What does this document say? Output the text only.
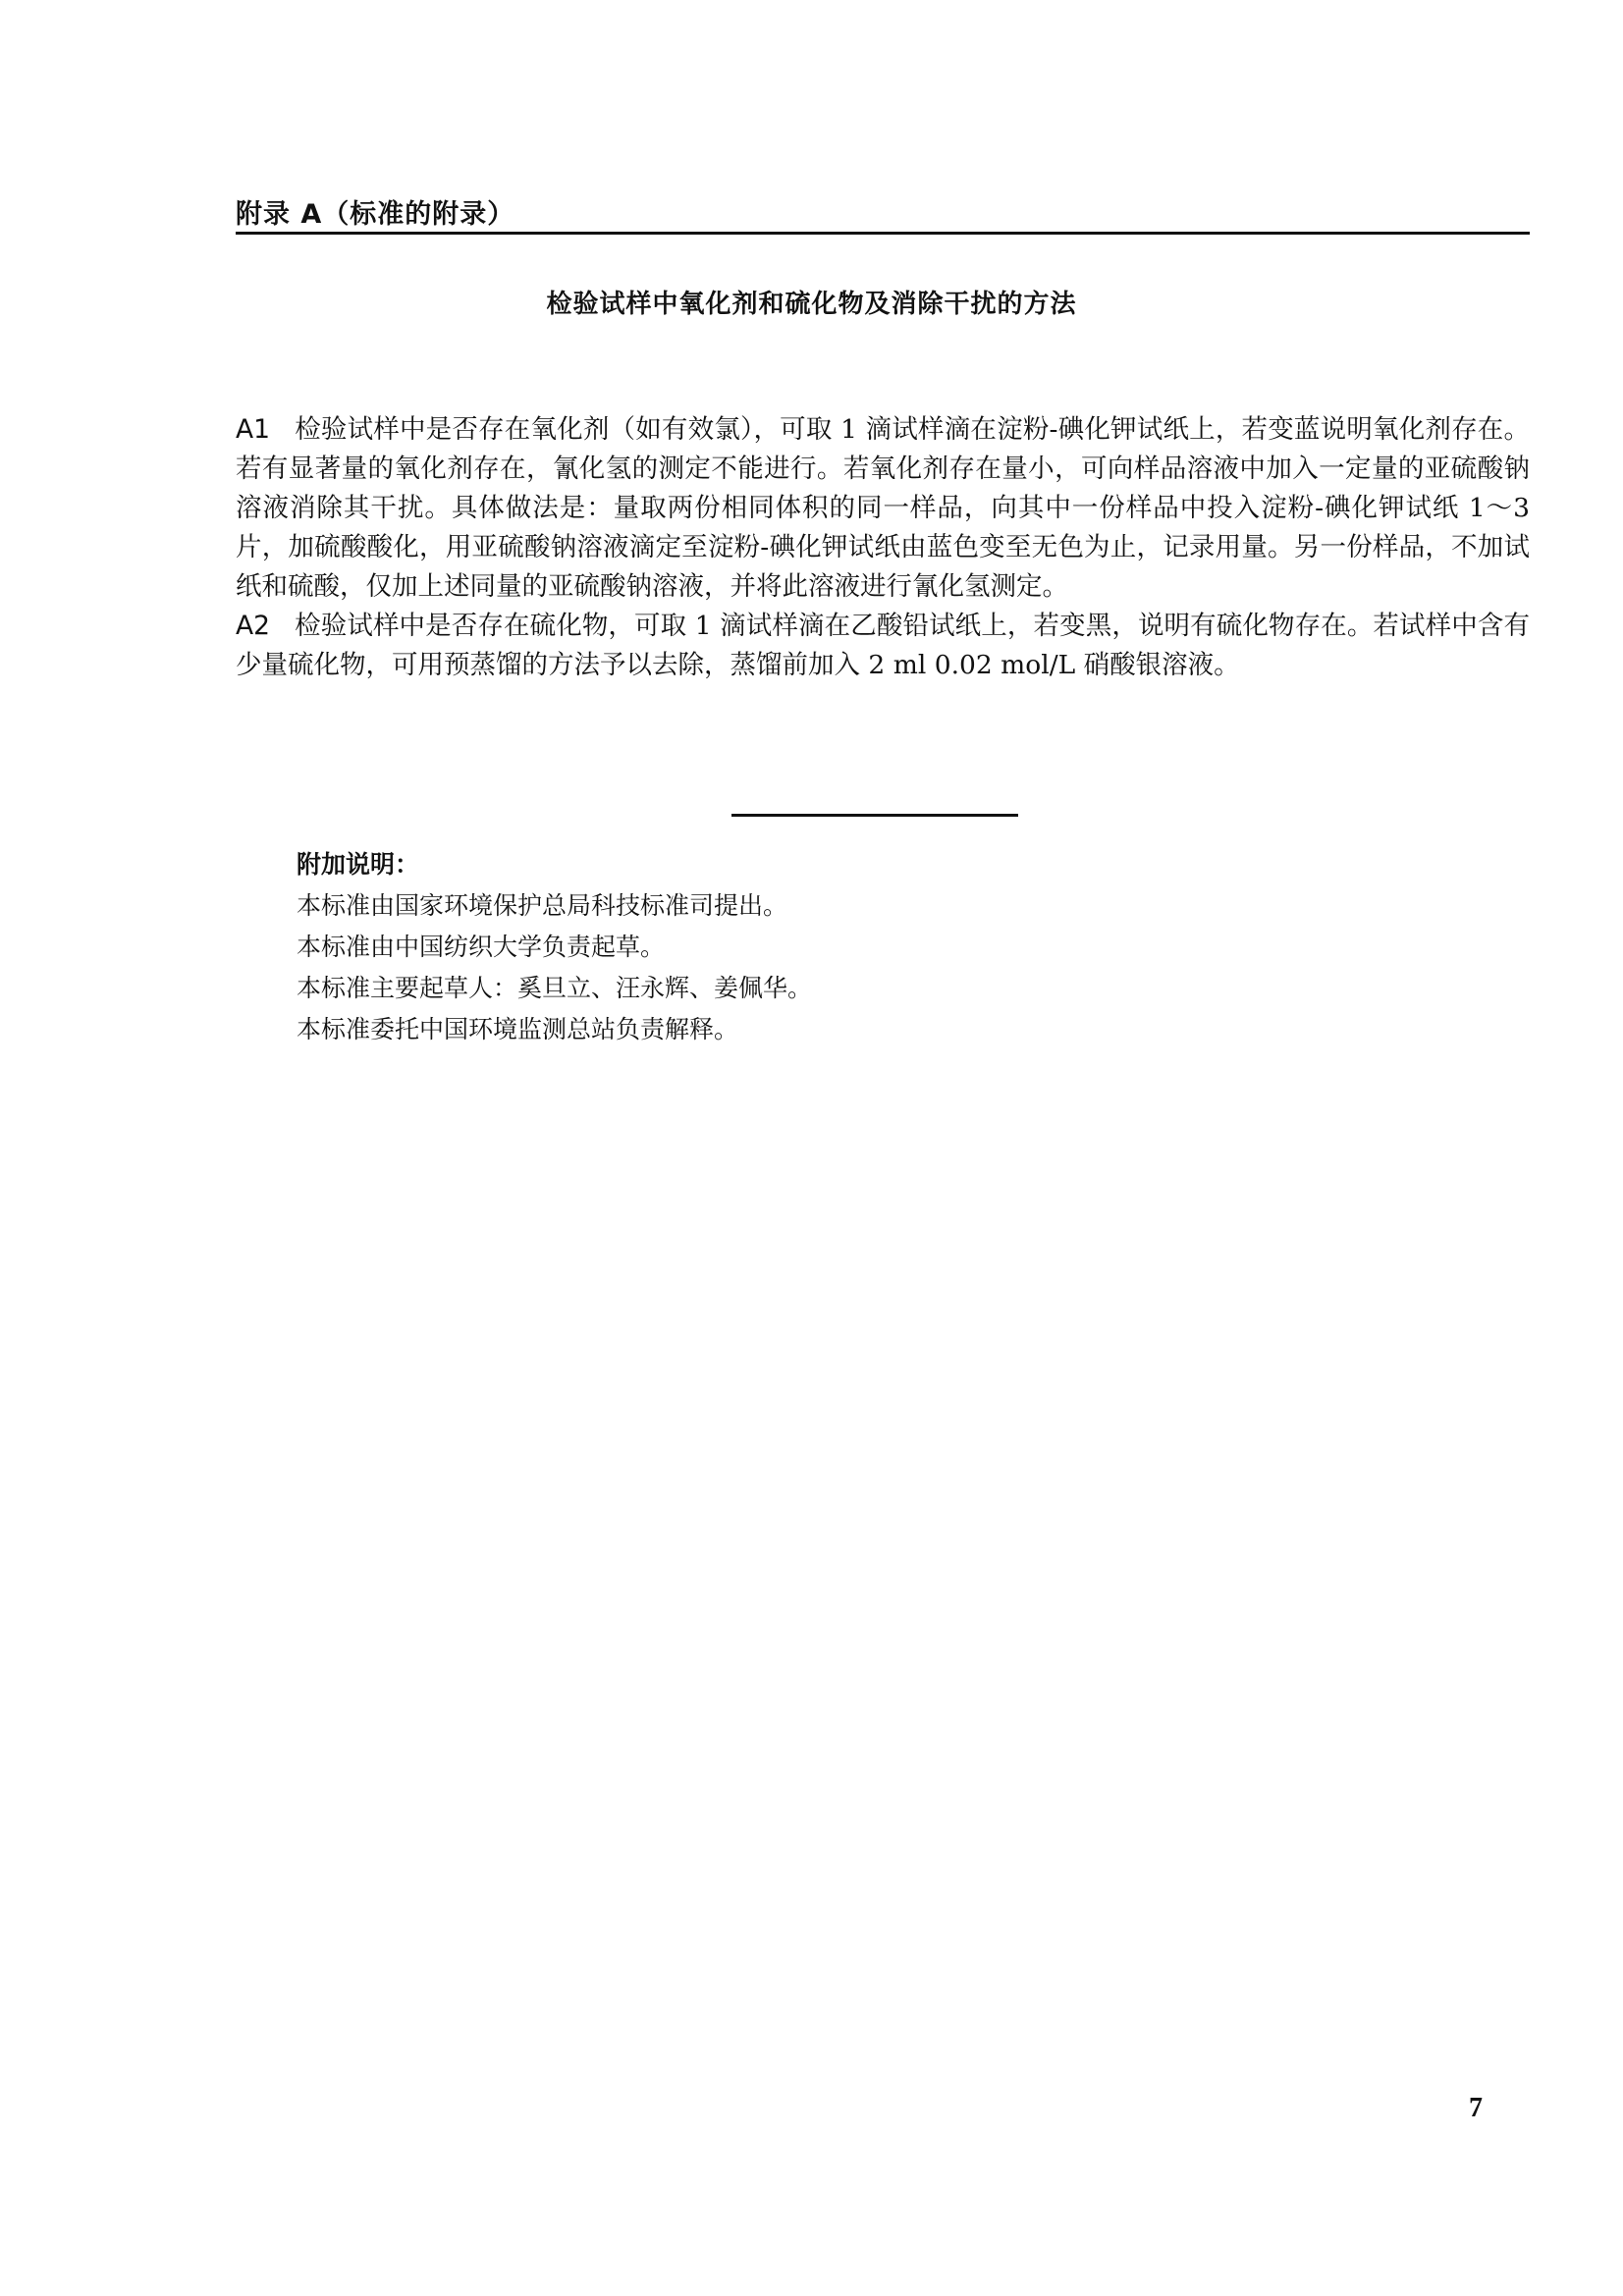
附录 A（标准的附录）
检验试样中氧化剂和硫化物及消除干扰的方法

A1 检验试样中是否存在氧化剂（如有效氯），可取 1 滴试样滴在淀粉-碘化钾试纸上，若变蓝说明氧化剂存在。若有显著量的氧化剂存在，氰化氢的测定不能进行。若氧化剂存在量小，可向样品溶液中加入一定量的亚硫酸钠溶液消除其干扰。具体做法是：量取两份相同体积的同一样品，向其中一份样品中投入淀粉-碘化钾试纸 1～3 片，加硫酸酸化，用亚硫酸钠溶液滴定至淀粉-碘化钾试纸由蓝色变至无色为止，记录用量。另一份样品，不加试纸和硫酸，仅加上述同量的亚硫酸钠溶液，并将此溶液进行氰化氢测定。

A2 检验试样中是否存在硫化物，可取 1 滴试样滴在乙酸铅试纸上，若变黑，说明有硫化物存在。若试样中含有少量硫化物，可用预蒸馏的方法予以去除，蒸馏前加入 2 ml 0.02 mol/L 硝酸银溶液。

附加说明：
本标准由国家环境保护总局科技标准司提出。
本标准由中国纺织大学负责起草。
本标准主要起草人：奚旦立、汪永辉、姜佩华。
本标准委托中国环境监测总站负责解释。
7
